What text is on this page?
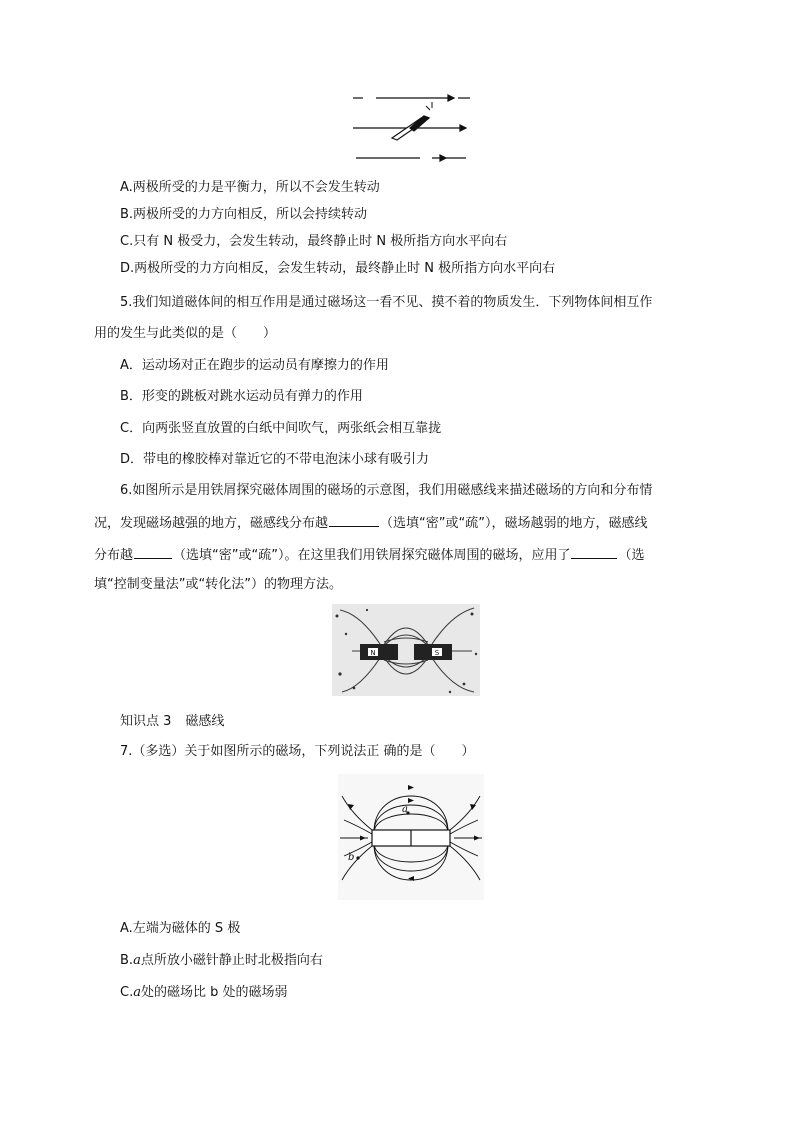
A.两极所受的力是平衡力，所以不会发生转动
B.两极所受的力方向相反，所以会持续转动
C.只有 N 极受力，会发生转动，最终静止时 N 极所指方向水平向右
D.两极所受的力方向相反，会发生转动，最终静止时 N 极所指方向水平向右
5.我们知道磁体间的相互作用是通过磁场这一看不见、摸不着的物质发生．下列物体间相互作
用的发生与此类似的是（　　）
A．运动场对正在跑步的运动员有摩擦力的作用
B．形变的跳板对跳水运动员有弹力的作用
C．向两张竖直放置的白纸中间吹气，两张纸会相互靠拢
D．带电的橡胶棒对靠近它的不带电泡沫小球有吸引力
6.如图所示是用铁屑探究磁体周围的磁场的示意图，我们用磁感线来描述磁场的方向和分布情
况，发现磁场越强的地方，磁感线分布越	（选填“密”或“疏”），磁场越弱的地方，磁感线
分布越	（选填“密”或“疏”）。在这里我们用铁屑探究磁体周围的磁场，应用了	（选
填“控制变量法”或“转化法”）的物理方法。
N	S
知识点 3 磁感线
7.（多选）关于如图所示的磁场，下列说法正 确的是（　　）
a
b
A.左端为磁体的 S 极
B.a点所放小磁针静止时北极指向右
C.a处的磁场比 b 处的磁场弱
